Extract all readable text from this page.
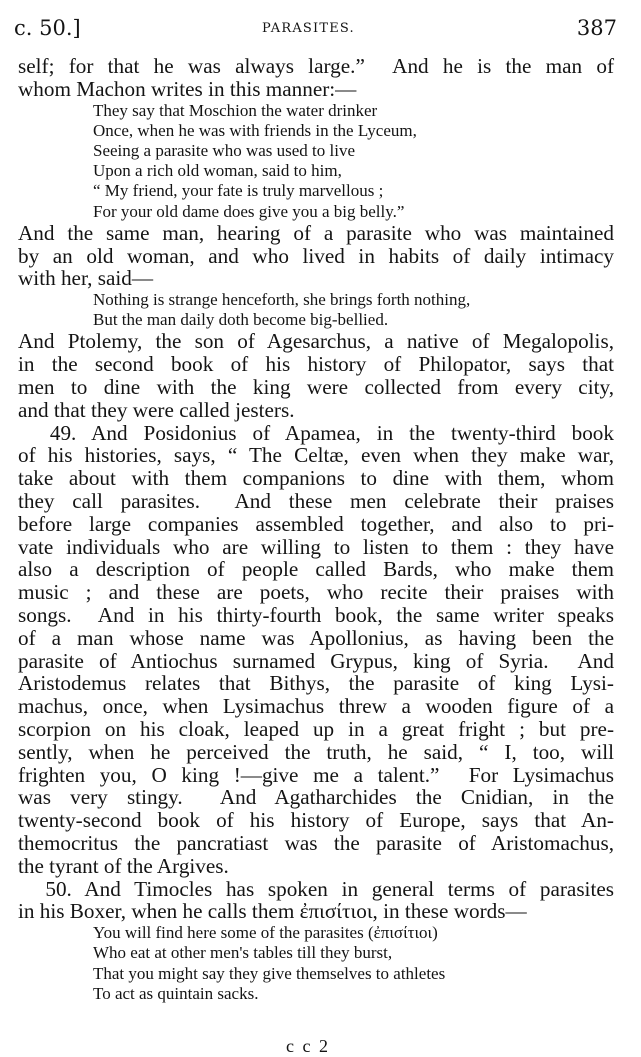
c. 50.]	PARASITES.	387
self; for that he was always large.”  And he is the man of
whom Machon writes in this manner:—
They say that Moschion the water drinker
Once, when he was with friends in the Lyceum,
Seeing a parasite who was used to live
Upon a rich old woman, said to him,
“ My friend, your fate is truly marvellous ;
For your old dame does give you a big belly.”
And the same man, hearing of a parasite who was maintained
by an old woman, and who lived in habits of daily intimacy
with her, said—
Nothing is strange henceforth, she brings forth nothing,
But the man daily doth become big-bellied.
And Ptolemy, the son of Agesarchus, a native of Megalopolis,
in the second book of his history of Philopator, says that
men to dine with the king were collected from every city,
and that they were called jesters.
49. And Posidonius of Apamea, in the twenty-third book
of his histories, says, “ The Celtæ, even when they make war,
take about with them companions to dine with them, whom
they call parasites.  And these men celebrate their praises
before large companies assembled together, and also to pri-
vate individuals who are willing to listen to them : they have
also a description of people called Bards, who make them
music ; and these are poets, who recite their praises with
songs.  And in his thirty-fourth book, the same writer speaks
of a man whose name was Apollonius, as having been the
parasite of Antiochus surnamed Grypus, king of Syria.  And
Aristodemus relates that Bithys, the parasite of king Lysi-
machus, once, when Lysimachus threw a wooden figure of a
scorpion on his cloak, leaped up in a great fright ; but pre-
sently, when he perceived the truth, he said, “ I, too, will
frighten you, O king !—give me a talent.”  For Lysimachus
was very stingy.  And Agatharchides the Cnidian, in the
twenty-second book of his history of Europe, says that An-
themocritus the pancratiast was the parasite of Aristomachus,
the tyrant of the Argives.
50. And Timocles has spoken in general terms of parasites
in his Boxer, when he calls them ἐπισίτιοι, in these words—
You will find here some of the parasites (ἐπισίτιοι)
Who eat at other men's tables till they burst,
That you might say they give themselves to athletes
To act as quintain sacks.
c c 2
